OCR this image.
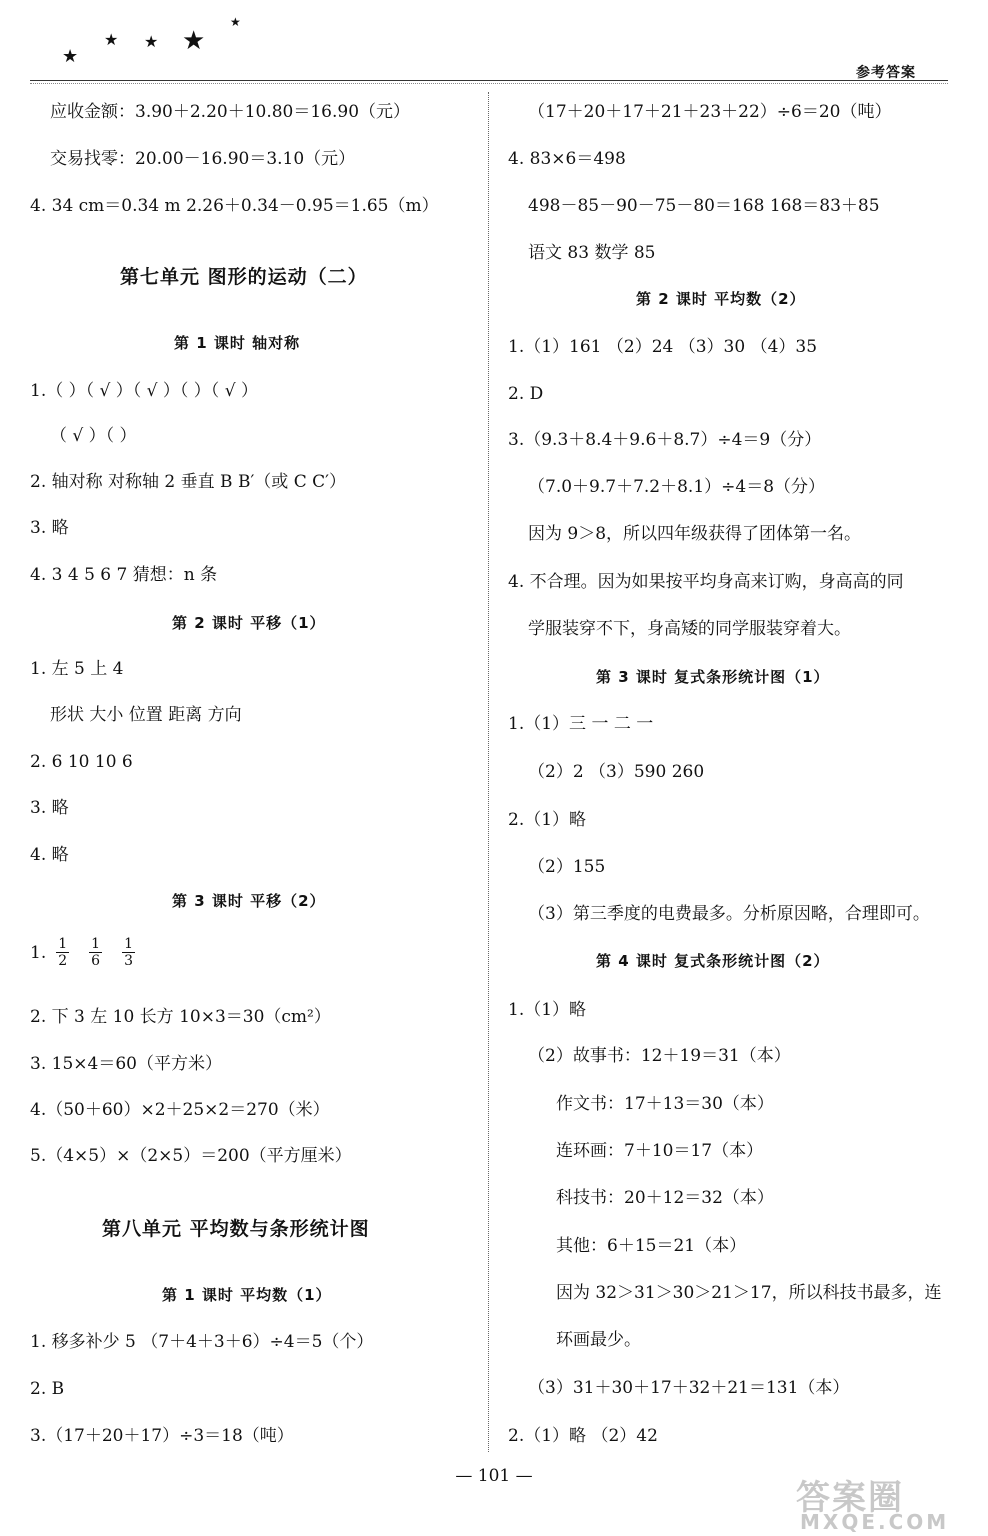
★
★ ★ ★
★
参考答案
应收金额：3.90＋2.20＋10.80＝16.90（元）
交易找零：20.00－16.90＝3.10（元）
4. 34 cm＝0.34 m 2.26＋0.34－0.95＝1.65（m）
第七单元 图形的运动（二）
第 1 课时 轴对称
1.（ ）（ √ ）（ √ ）（ ）（ √ ）
（ √ ）（ ）
2. 轴对称 对称轴 2 垂直 B B′（或 C C′）
3. 略
4. 3 4 5 6 7 猜想：n 条
第 2 课时 平移（1）
1. 左 5 上 4
形状 大小 位置 距离 方向
2. 6 10 10 6
3. 略
4. 略
第 3 课时 平移（2）
1. $\frac{1}{2} \frac{1}{6} \frac{1}{3}$
2. 下 3 左 10 长方 10×3＝30（cm²）
3. 15×4＝60（平方米）
4.（50＋60）×2＋25×2＝270（米）
5.（4×5）×（2×5）＝200（平方厘米）
第八单元 平均数与条形统计图
第 1 课时 平均数（1）
1. 移多补少 5 （7＋4＋3＋6）÷4＝5（个）
2. B
3.（17＋20＋17）÷3＝18（吨）
（17＋20＋17＋21＋23＋22）÷6＝20（吨）
4. 83×6＝498
498－85－90－75－80＝168 168＝83＋85
语文 83 数学 85
第 2 课时 平均数（2）
1.（1）161 （2）24 （3）30 （4）35
2. D
3.（9.3＋8.4＋9.6＋8.7）÷4＝9（分）
（7.0＋9.7＋7.2＋8.1）÷4＝8（分）
因为 9＞8，所以四年级获得了团体第一名。
4. 不合理。因为如果按平均身高来订购，身高高的同
学服装穿不下，身高矮的同学服装穿着大。
第 3 课时 复式条形统计图（1）
1.（1）三 一 二 一
（2）2 （3）590 260
2.（1）略
（2）155
（3）第三季度的电费最多。分析原因略，合理即可。
第 4 课时 复式条形统计图（2）
1.（1）略
（2）故事书：12＋19＝31（本）
作文书：17＋13＝30（本）
连环画：7＋10＝17（本）
科技书：20＋12＝32（本）
其他：6＋15＝21（本）
因为 32＞31＞30＞21＞17，所以科技书最多，连
环画最少。
（3）31＋30＋17＋32＋21＝131（本）
2.（1）略 （2）42
— 101 —
答案圈
MXQE.COM
